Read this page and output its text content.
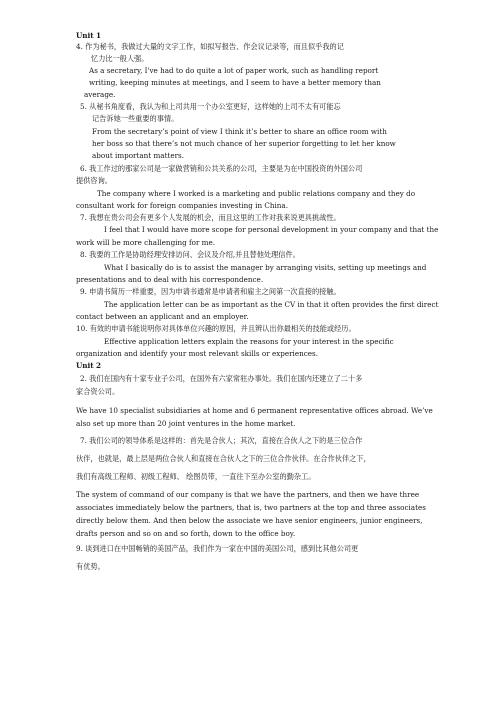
Unit 1
4. 作为秘书，我做过大量的文字工作，如拟写报告、作会议记录等，而且似乎我的记
忆力比一般人强。
As a secretary, I've had to do quite a lot of paper work, such as handling report
writing, keeping minutes at meetings, and I seem to have a better memory than
average.
5. 从秘书角度看，我认为和上司共用一个办公室更好，这样她的上司不太有可能忘
记告诉她一些重要的事情。
From the secretary’s point of view I think it’s better to share an office room with
her boss so that there’s not much chance of her superior forgetting to let her know
about important matters.
6. 我工作过的那家公司是一家做营销和公共关系的公司，主要是为在中国投资的外国公司
提供咨询。
The company where I worked is a marketing and public relations company and they do
consultant work for foreign companies investing in China.
7. 我想在贵公司会有更多个人发展的机会，而且这里的工作对我来说更具挑战性。
I feel that I would have more scope for personal development in your company and that the
work will be more challenging for me.
8. 我要的工作是协助经理安排访问、会议及介绍,并且替他处理信件。
What I basically do is to assist the manager by arranging visits, setting up meetings and
presentations and to deal with his correspondence.
9. 申请书简历一样重要，因为申请书通常是申请者和雇主之间第一次直接的接触。
The application letter can be as important as the CV in that it often provides the first direct
contact between an applicant and an employer.
10. 有效的申请书能说明你对具体单位兴趣的原因，并且辨认出你最相关的技能或经历。
Effective application letters explain the reasons for your interest in the specific
organization and identify your most relevant skills or experiences.
Unit 2
2. 我们在国内有十家专业子公司，在国外有六家常驻办事处。我们在国内还建立了二十多
家合资公司。
We have 10 specialist subsidiaries at home and 6 permanent representative offices abroad. We’ve
also set up more than 20 joint ventures in the home market.
7. 我们公司的领导体系是这样的：首先是合伙人；其次，直接在合伙人之下的是三位合作
伙伴，也就是，最上层是两位合伙人和直接在合伙人之下的三位合作伙伴。在合作伙伴之下，
我们有高级工程师、初级工程师、 绘图员带，一直往下至办公室的勤杂工。
The system of command of our company is that we have the partners, and then we have three
associates immediately below the partners, that is, two partners at the top and three associates
directly below them. And then below the associate we have senior engineers, junior engineers,
drafts person and so on and so forth, down to the office boy.
9. 谈到进口在中国畅销的美国产品，我们作为一家在中国的美国公司，感到比其他公司更
有优势。
